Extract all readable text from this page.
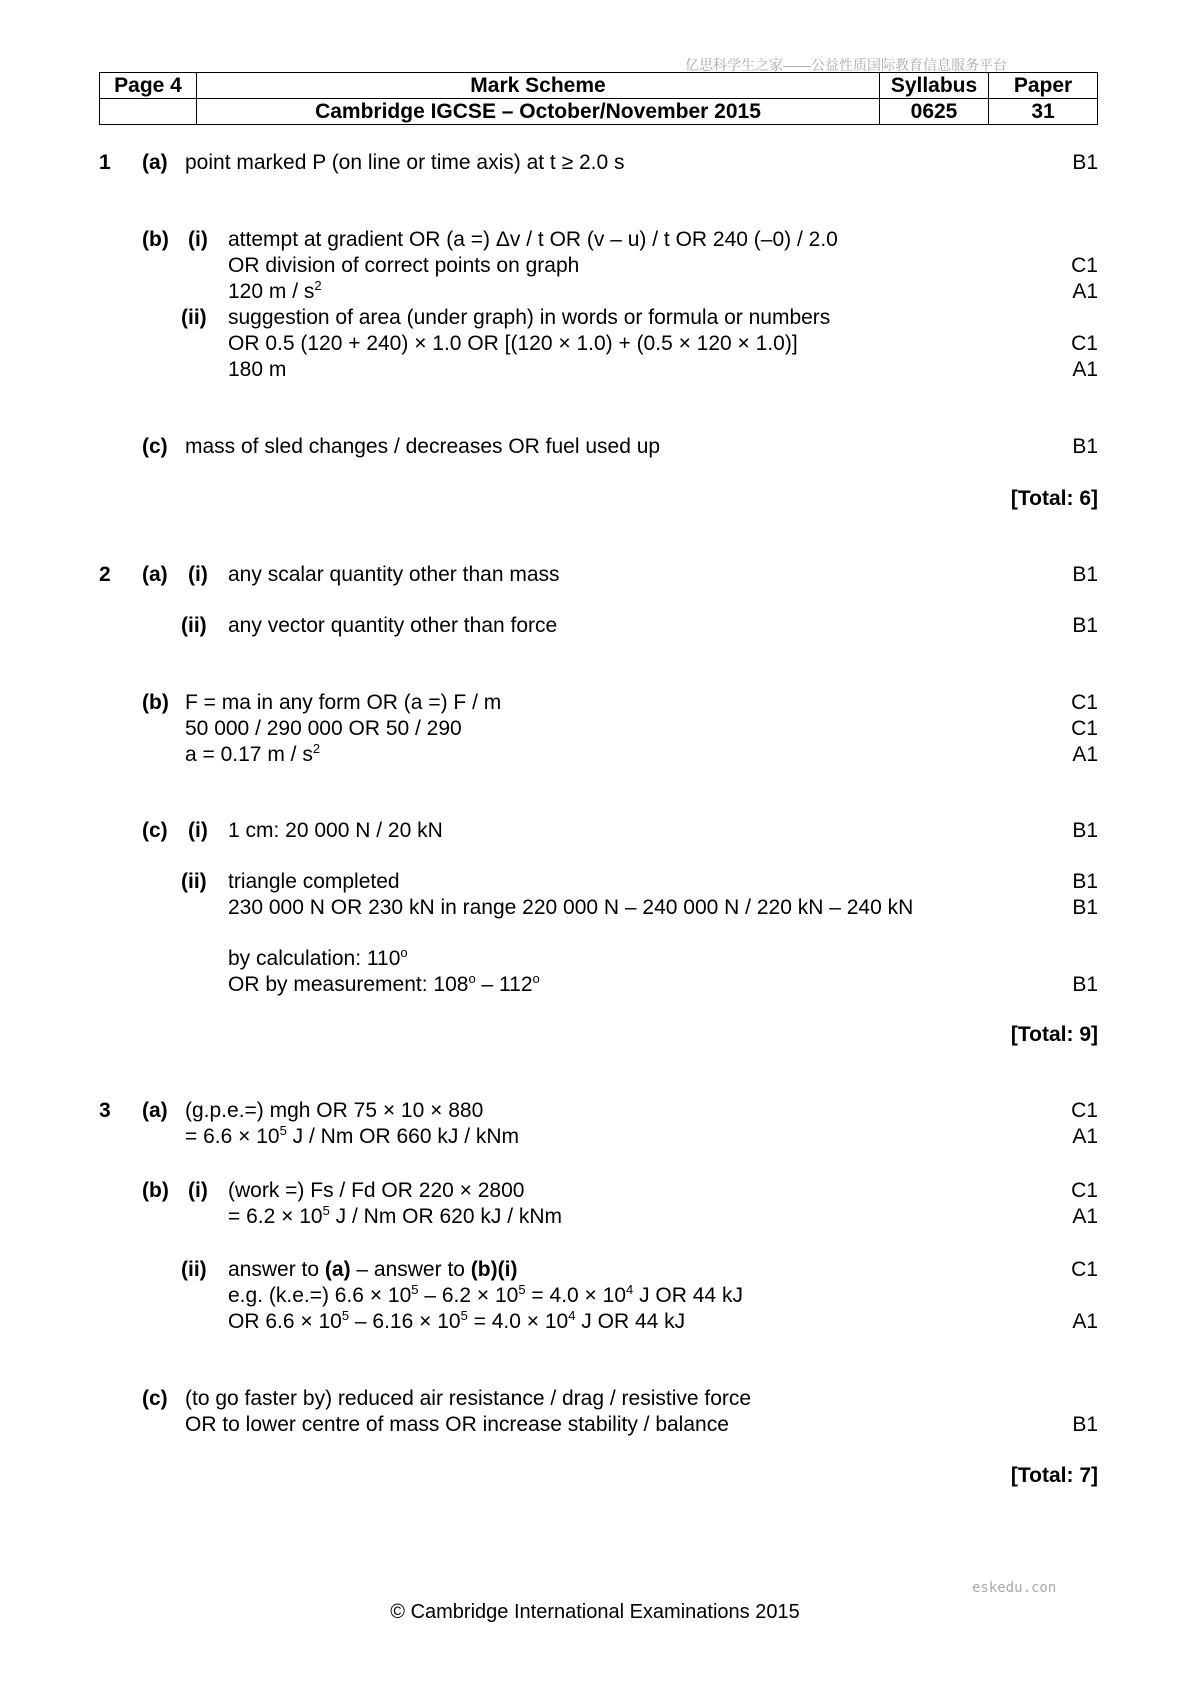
亿思科学生之家——公益性质国际教育信息服务平台
Page 4	Mark Scheme	Syllabus	Paper
	Cambridge IGCSE – October/November 2015	0625	31
1 (a) point marked P (on line or time axis) at t ≥ 2.0 s	B1
(b) (i) attempt at gradient OR (a =) Δv / t OR (v – u) / t OR 240 (–0) / 2.0
OR division of correct points on graph	C1
120 m / $s^2$	A1
(ii) suggestion of area (under graph) in words or formula or numbers
OR 0.5 (120 + 240) × 1.0 OR [(120 × 1.0) + (0.5 × 120 × 1.0)]	C1
180 m	A1
(c) mass of sled changes / decreases OR fuel used up	B1
[Total: 6]
2 (a) (i) any scalar quantity other than mass	B1
(ii) any vector quantity other than force	B1
(b) F = ma in any form OR (a =) F / m	C1
50 000 / 290 000 OR 50 / 290	C1
a = 0.17 m / $s^2$	A1
(c) (i) 1 cm: 20 000 N / 20 kN	B1
(ii) triangle completed	B1
230 000 N OR 230 kN in range 220 000 N – 240 000 N / 220 kN – 240 kN	B1
by calculation: 110$^o$
OR by measurement: 108$^o$ – 112$^o$	B1
[Total: 9]
3 (a) (g.p.e.=) mgh OR 75 × 10 × 880	C1
= $6.6 \times 10^5$ J / Nm OR 660 kJ / kNm	A1
(b) (i) (work =) Fs / Fd OR 220 × 2800	C1
= $6.2 \times 10^5$ J / Nm OR 620 kJ / kNm	A1
(ii) answer to (a) – answer to (b)(i)	C1
e.g. (k.e.=) $6.6 \times 10^5 - 6.2 \times 10^5 = 4.0 \times 10^4$ J OR 44 kJ
OR $6.6 \times 10^5 - 6.16 \times 10^5 = 4.0 \times 10^4$ J OR 44 kJ	A1
(c) (to go faster by) reduced air resistance / drag / resistive force
OR to lower centre of mass OR increase stability / balance	B1
[Total: 7]
eskedu.con
© Cambridge International Examinations 2015
